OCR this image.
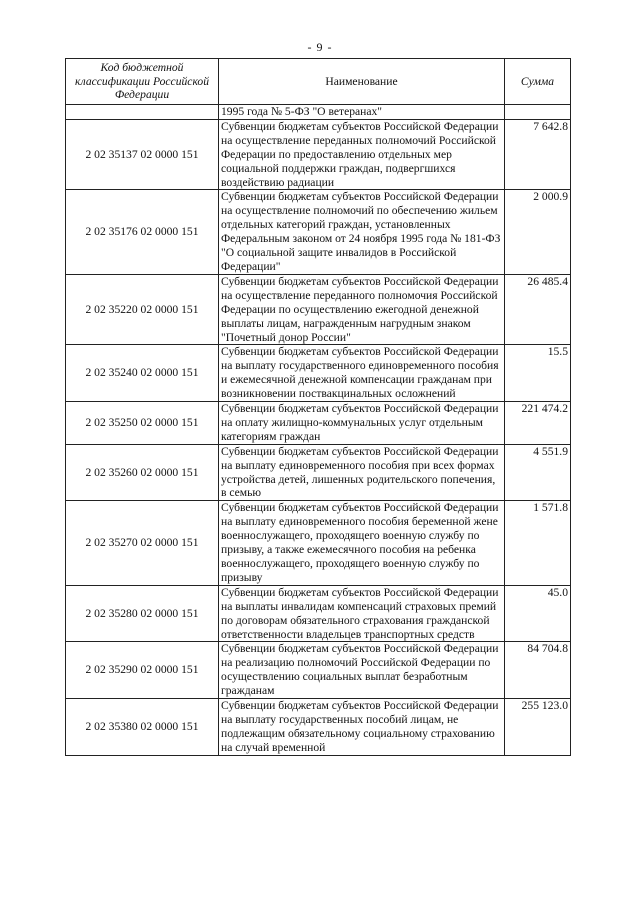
- 9 -
Код бюджетной классификации Российской Федерации	Наименование	Сумма
	1995 года № 5-ФЗ "О ветеранах"	
2 02 35137 02 0000 151	Субвенции бюджетам субъектов Российской Федерации на осуществление переданных полномочий Российской Федерации по предоставлению отдельных мер социальной поддержки граждан, подвергшихся воздействию радиации	7 642.8
2 02 35176 02 0000 151	Субвенции бюджетам субъектов Российской Федерации на осуществление полномочий по обеспечению жильем отдельных категорий граждан, установленных Федеральным законом от 24 ноября 1995 года № 181-ФЗ "О социальной защите инвалидов в Российской Федерации"	2 000.9
2 02 35220 02 0000 151	Субвенции бюджетам субъектов Российской Федерации на осуществление переданного полномочия Российской Федерации по осуществлению ежегодной денежной выплаты лицам, награжденным нагрудным знаком "Почетный донор России"	26 485.4
2 02 35240 02 0000 151	Субвенции бюджетам субъектов Российской Федерации на выплату государственного единовременного пособия и ежемесячной денежной компенсации гражданам при возникновении поствакцинальных осложнений	15.5
2 02 35250 02 0000 151	Субвенции бюджетам субъектов Российской Федерации на оплату жилищно-коммунальных услуг отдельным категориям граждан	221 474.2
2 02 35260 02 0000 151	Субвенции бюджетам субъектов Российской Федерации на выплату единовременного пособия при всех формах устройства детей, лишенных родительского попечения, в семью	4 551.9
2 02 35270 02 0000 151	Субвенции бюджетам субъектов Российской Федерации на выплату единовременного пособия беременной жене военнослужащего, проходящего военную службу по призыву, а также ежемесячного пособия на ребенка военнослужащего, проходящего военную службу по призыву	1 571.8
2 02 35280 02 0000 151	Субвенции бюджетам субъектов Российской Федерации на выплаты инвалидам компенсаций страховых премий по договорам обязательного страхования гражданской ответственности владельцев транспортных средств	45.0
2 02 35290 02 0000 151	Субвенции бюджетам субъектов Российской Федерации на реализацию полномочий Российской Федерации по осуществлению социальных выплат безработным гражданам	84 704.8
2 02 35380 02 0000 151	Субвенции бюджетам субъектов Российской Федерации на выплату государственных пособий лицам, не подлежащим обязательному социальному страхованию на случай временной	255 123.0
